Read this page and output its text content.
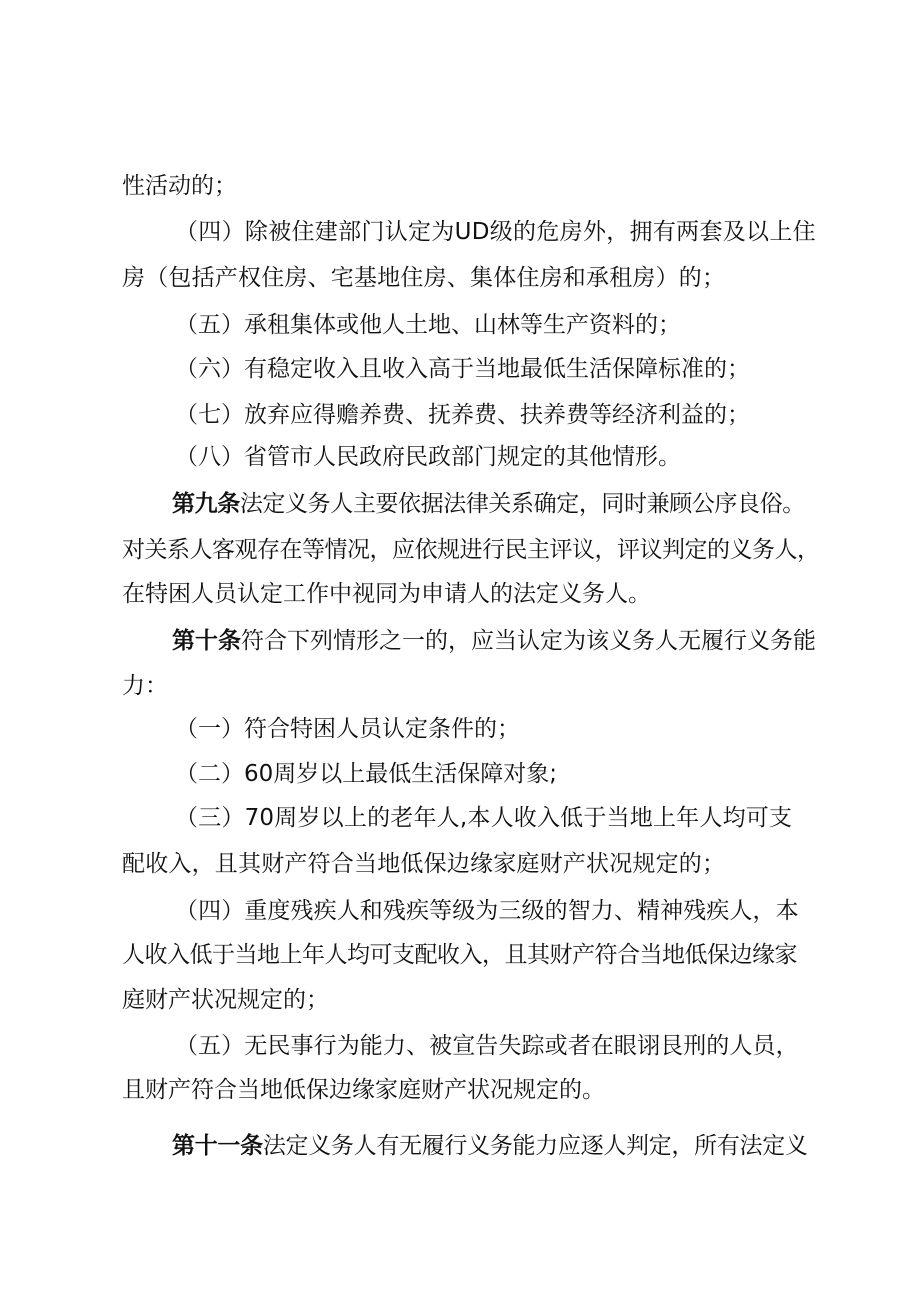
性活动的；
（四）除被住建部门认定为UD级的危房外，拥有两套及以上住
房（包括产权住房、宅基地住房、集体住房和承租房）的；
（五）承租集体或他人土地、山林等生产资料的；
（六）有稳定收入且收入高于当地最低生活保障标准的；
（七）放弃应得赡养费、抚养费、扶养费等经济利益的；
（八）省管市人民政府民政部门规定的其他情形。
第九条法定义务人主要依据法律关系确定，同时兼顾公序良俗。
对关系人客观存在等情况，应依规进行民主评议，评议判定的义务人，
在特困人员认定工作中视同为申请人的法定义务人。
第十条符合下列情形之一的，应当认定为该义务人无履行义务能
力：
（一）符合特困人员认定条件的；
（二）60周岁以上最低生活保障对象;
（三）70周岁以上的老年人,本人收入低于当地上年人均可支
配收入，且其财产符合当地低保边缘家庭财产状况规定的；
（四）重度残疾人和残疾等级为三级的智力、精神残疾人，本
人收入低于当地上年人均可支配收入，且其财产符合当地低保边缘家
庭财产状况规定的；
（五）无民事行为能力、被宣告失踪或者在眼诩艮刑的人员，
且财产符合当地低保边缘家庭财产状况规定的。
第十一条法定义务人有无履行义务能力应逐人判定，所有法定义
